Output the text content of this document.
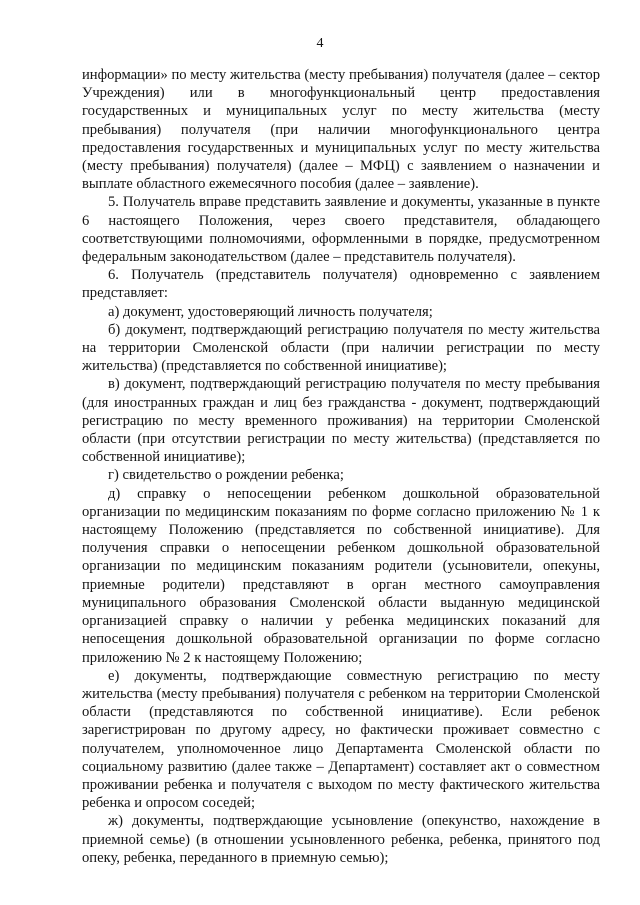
4

информации» по месту жительства (месту пребывания) получателя (далее – сектор Учреждения) или в многофункциональный центр предоставления государственных и муниципальных услуг по месту жительства (месту пребывания) получателя (при наличии многофункционального центра предоставления государственных и муниципальных услуг по месту жительства (месту пребывания) получателя) (далее – МФЦ) с заявлением о назначении и выплате областного ежемесячного пособия (далее – заявление).

5. Получатель вправе представить заявление и документы, указанные в пункте 6 настоящего Положения, через своего представителя, обладающего соответствующими полномочиями, оформленными в порядке, предусмотренном федеральным законодательством (далее – представитель получателя).

6. Получатель (представитель получателя) одновременно с заявлением представляет:

а) документ, удостоверяющий личность получателя;

б) документ, подтверждающий регистрацию получателя по месту жительства на территории Смоленской области (при наличии регистрации по месту жительства) (представляется по собственной инициативе);

в) документ, подтверждающий регистрацию получателя по месту пребывания (для иностранных граждан и лиц без гражданства - документ, подтверждающий регистрацию по месту временного проживания) на территории Смоленской области (при отсутствии регистрации по месту жительства) (представляется по собственной инициативе);

г) свидетельство о рождении ребенка;

д) справку о непосещении ребенком дошкольной образовательной организации по медицинским показаниям по форме согласно приложению № 1 к настоящему Положению (представляется по собственной инициативе). Для получения справки о непосещении ребенком дошкольной образовательной организации по медицинским показаниям родители (усыновители, опекуны, приемные родители) представляют в орган местного самоуправления муниципального образования Смоленской области выданную медицинской организацией справку о наличии у ребенка медицинских показаний для непосещения дошкольной образовательной организации по форме согласно приложению № 2 к настоящему Положению;

е) документы, подтверждающие совместную регистрацию по месту жительства (месту пребывания) получателя с ребенком на территории Смоленской области (представляются по собственной инициативе). Если ребенок зарегистрирован по другому адресу, но фактически проживает совместно с получателем, уполномоченное лицо Департамента Смоленской области по социальному развитию (далее также – Департамент) составляет акт о совместном проживании ребенка и получателя с выходом по месту фактического жительства ребенка и опросом соседей;

ж) документы, подтверждающие усыновление (опекунство, нахождение в приемной семье) (в отношении усыновленного ребенка, ребенка, принятого под опеку, ребенка, переданного в приемную семью);
